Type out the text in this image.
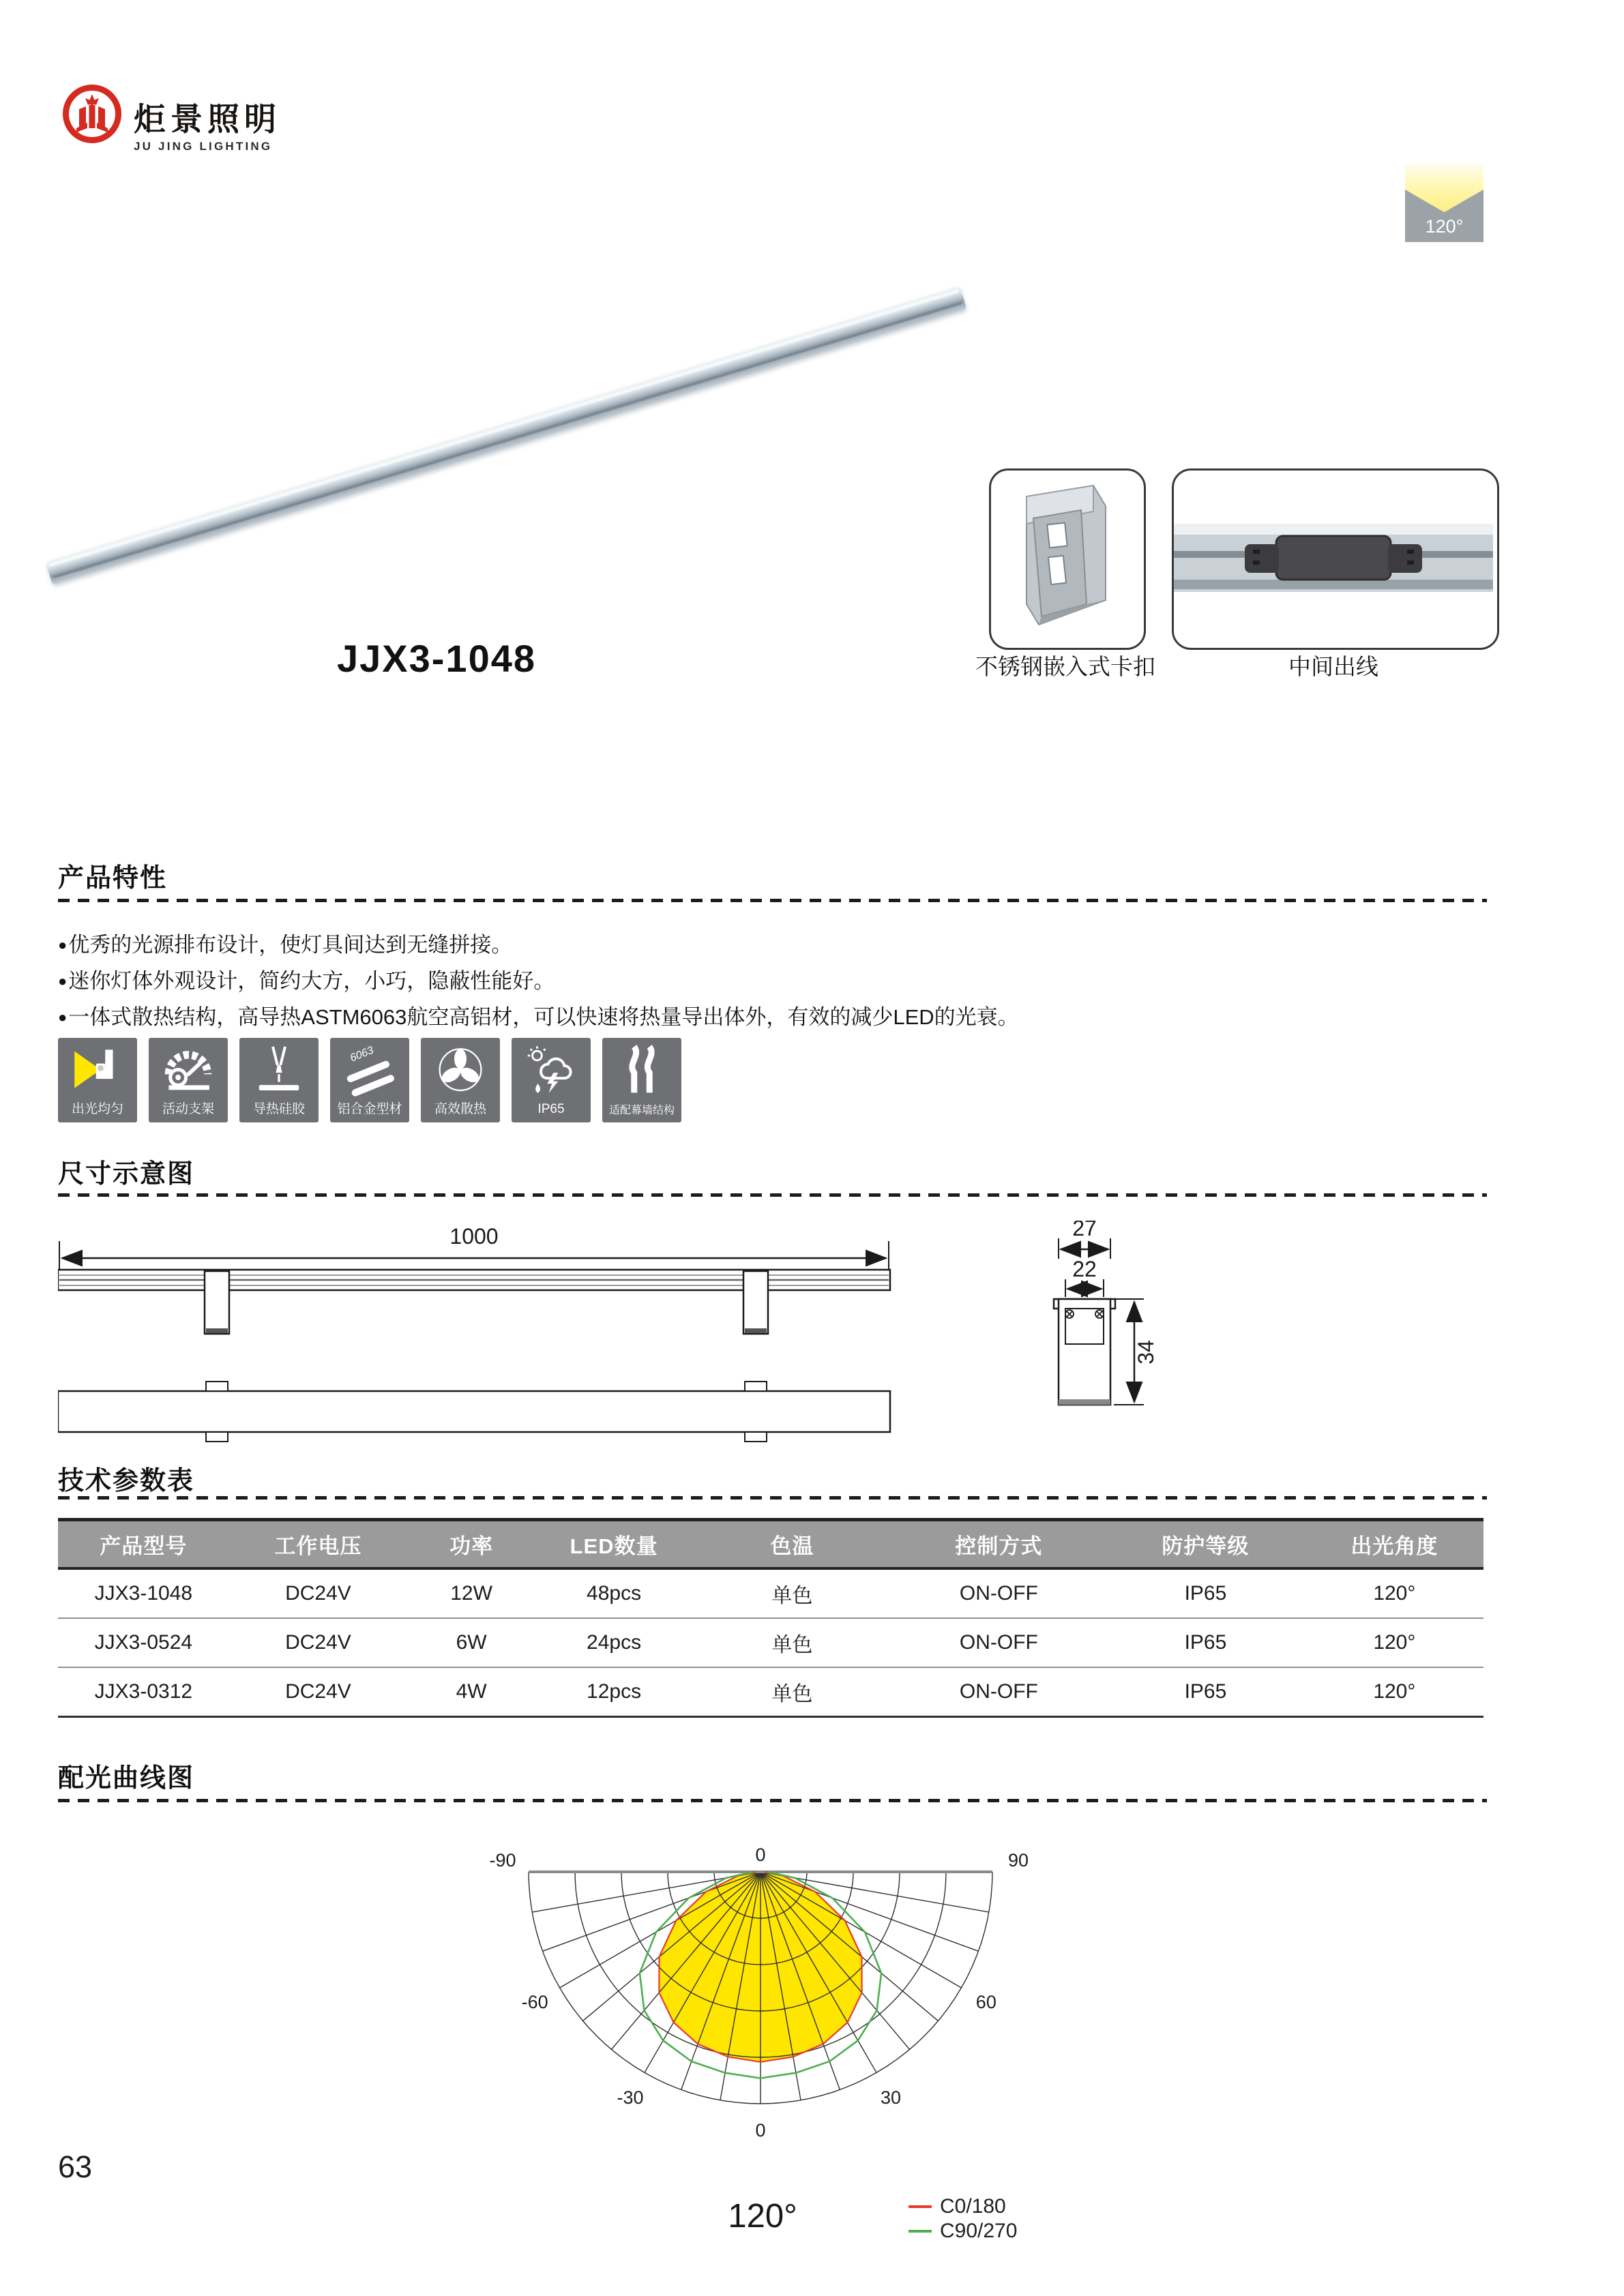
炬景照明
JU JING LIGHTING
120°
JJX3-1048	不锈钢嵌入式卡扣	中间出线
产品特性
●优秀的光源排布设计，使灯具间达到无缝拼接。
●迷你灯体外观设计，简约大方，小巧，隐蔽性能好。
●一体式散热结构，高导热ASTM6063航空高铝材，可以快速将热量导出体外，有效的减少LED的光衰。
出光均匀	活动支架	导热硅胶
6063
铝合金型材	高效散热	IP65	适配幕墙结构
尺寸示意图
1000	27
22
34
技术参数表
产品型号	工作电压	功率	LED数量	色温	控制方式	防护等级	出光角度
JJX3-1048	DC24V	12W	48pcs	单色	ON-OFF	IP65	120°
JJX3-0524	DC24V	6W	24pcs	单色	ON-OFF	IP65	120°
JJX3-0312	DC24V	4W	12pcs	单色	ON-OFF	IP65	120°
配光曲线图
-90
-60
-30	30
60
90
0
0
120°	C0/180
C90/270
63
